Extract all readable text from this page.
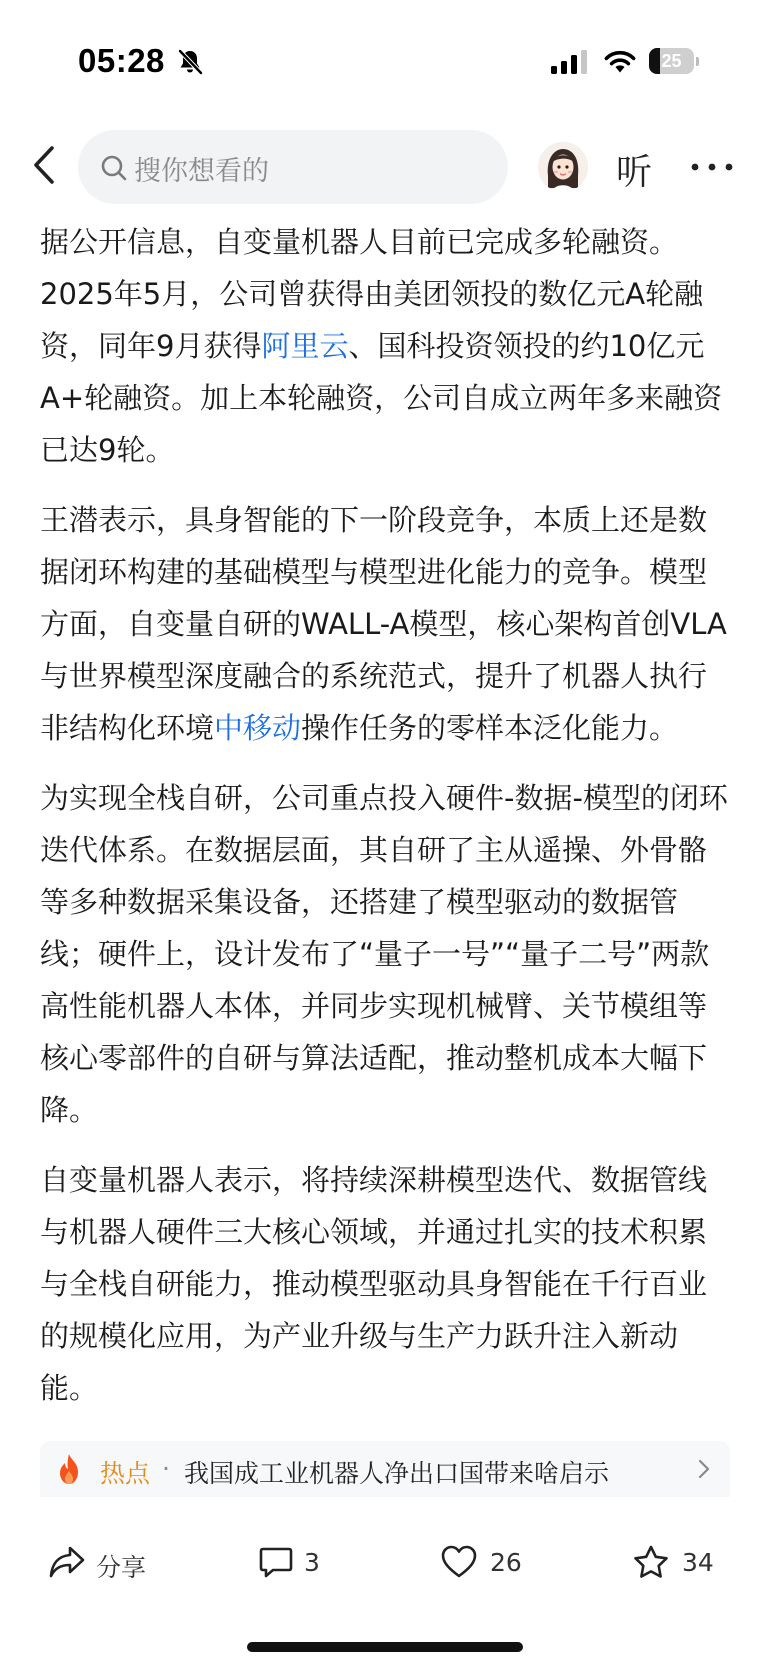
05:28	25
搜你想看的	听

据公开信息，自变量机器人目前已完成多轮融资。2025年5月，公司曾获得由美团领投的数亿元A轮融资，同年9月获得阿里云、国科投资领投的约10亿元A+轮融资。加上本轮融资，公司自成立两年多来融资已达9轮。

王潜表示，具身智能的下一阶段竞争，本质上还是数据闭环构建的基础模型与模型进化能力的竞争。模型方面，自变量自研的WALL-A模型，核心架构首创VLA与世界模型深度融合的系统范式，提升了机器人执行非结构化环境中移动操作任务的零样本泛化能力。

为实现全栈自研，公司重点投入硬件-数据-模型的闭环迭代体系。在数据层面，其自研了主从遥操、外骨骼等多种数据采集设备，还搭建了模型驱动的数据管线；硬件上，设计发布了“量子一号”“量子二号”两款高性能机器人本体，并同步实现机械臂、关节模组等核心零部件的自研与算法适配，推动整机成本大幅下降。

自变量机器人表示，将持续深耕模型迭代、数据管线与机器人硬件三大核心领域，并通过扎实的技术积累与全栈自研能力，推动模型驱动具身智能在千行百业的规模化应用，为产业升级与生产力跃升注入新动能。

热点 · 我国成工业机器人净出口国带来啥启示
分享	3	26	34
